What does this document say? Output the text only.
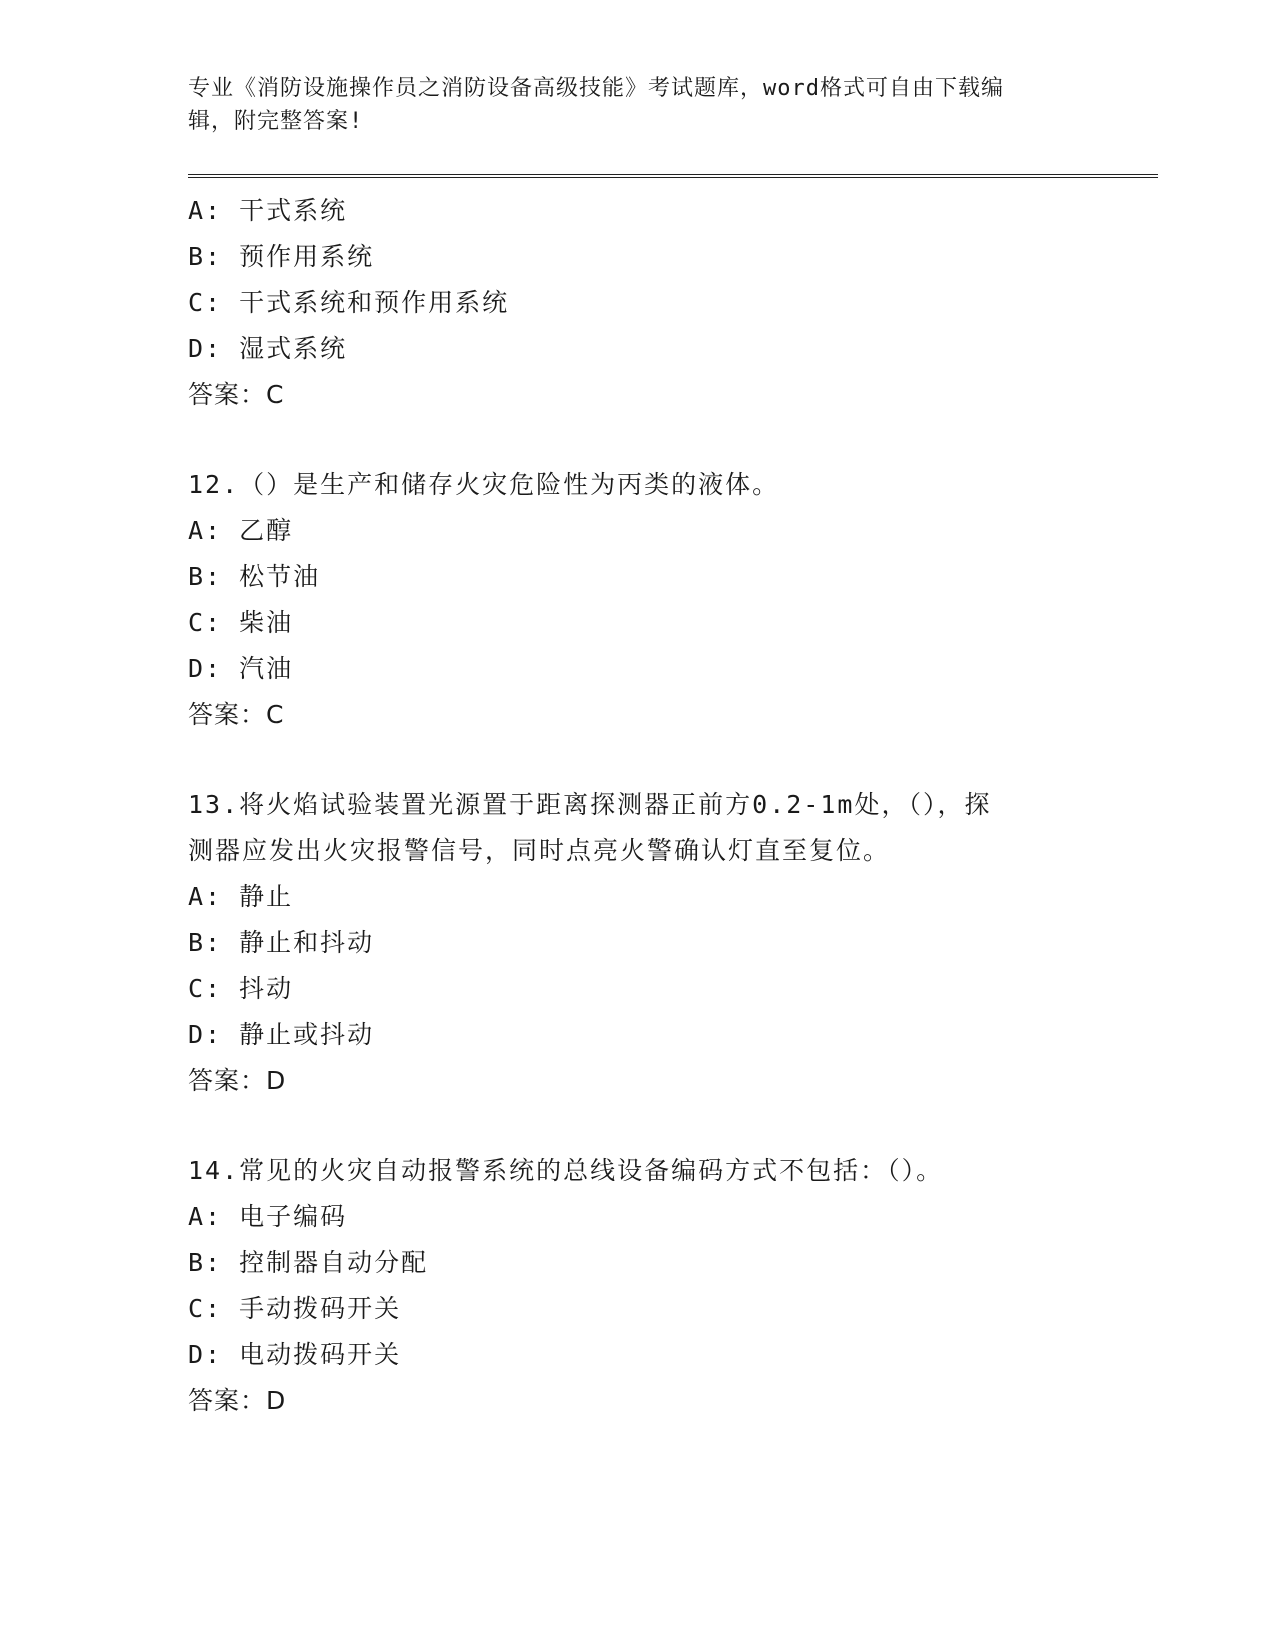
专业《消防设施操作员之消防设备高级技能》考试题库，word格式可自由下载编
辑，附完整答案!
A: 干式系统
B: 预作用系统
C: 干式系统和预作用系统
D: 湿式系统
答案：C
12.（）是生产和储存火灾危险性为丙类的液体。
A: 乙醇
B: 松节油
C: 柴油
D: 汽油
答案：C
13.将火焰试验装置光源置于距离探测器正前方0.2-1m处，（），探
测器应发出火灾报警信号，同时点亮火警确认灯直至复位。
A: 静止
B: 静止和抖动
C: 抖动
D: 静止或抖动
答案：D
14.常见的火灾自动报警系统的总线设备编码方式不包括：（）。
A: 电子编码
B: 控制器自动分配
C: 手动拨码开关
D: 电动拨码开关
答案：D
